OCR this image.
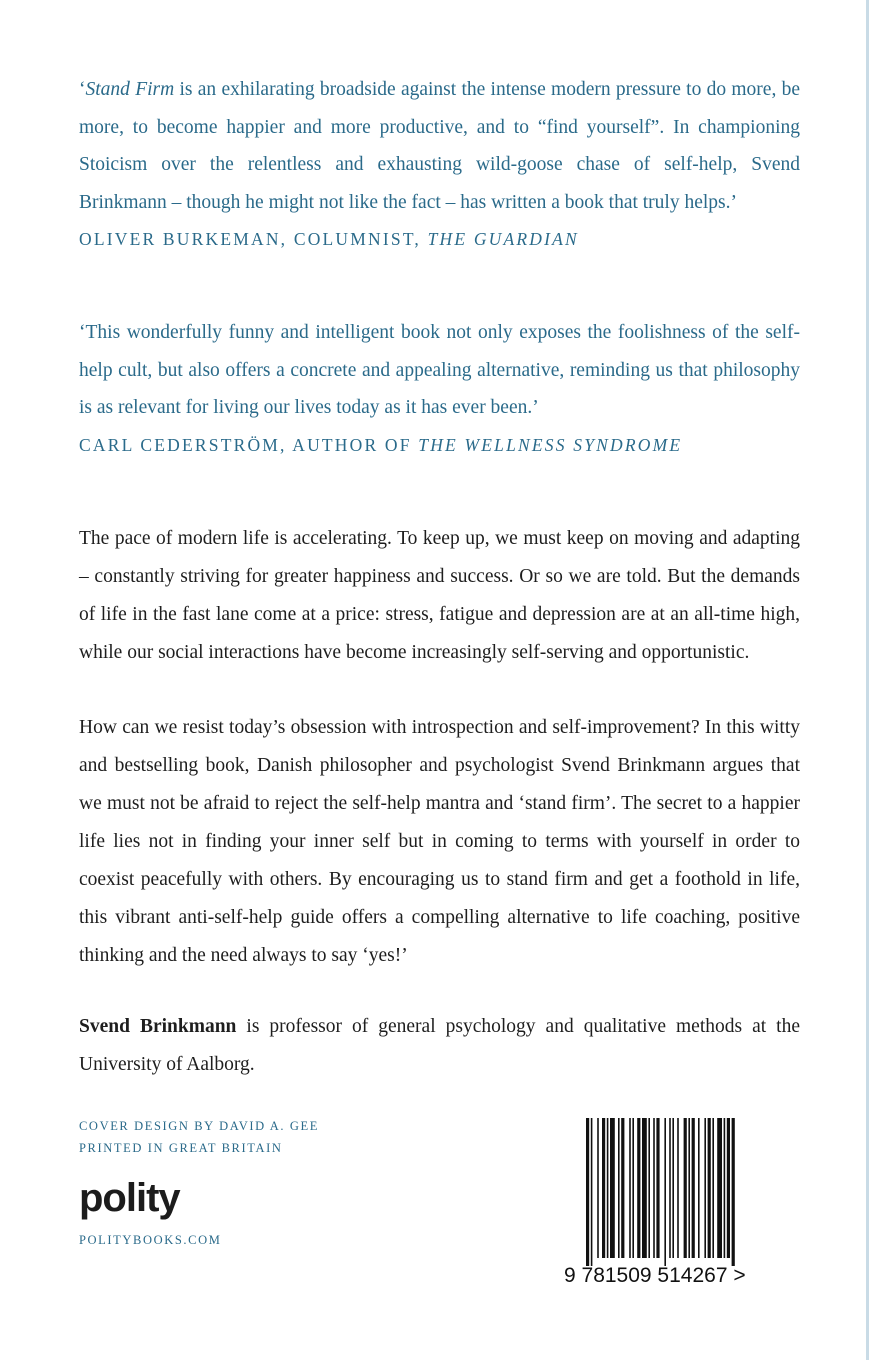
‘Stand Firm is an exhilarating broadside against the intense modern pressure to do more, be more, to become happier and more productive, and to “find yourself”. In championing Stoicism over the relentless and exhausting wild-goose chase of self-help, Svend Brinkmann – though he might not like the fact – has written a book that truly helps.’

OLIVER BURKEMAN, COLUMNIST, THE GUARDIAN

‘This wonderfully funny and intelligent book not only exposes the foolishness of the self-help cult, but also offers a concrete and appealing alternative, reminding us that philosophy is as relevant for living our lives today as it has ever been.’

CARL CEDERSTRÖM, AUTHOR OF THE WELLNESS SYNDROME

The pace of modern life is accelerating. To keep up, we must keep on moving and adapting – constantly striving for greater happiness and success. Or so we are told. But the demands of life in the fast lane come at a price: stress, fatigue and depression are at an all-time high, while our social interactions have become increasingly self-serving and opportunistic.

How can we resist today’s obsession with introspection and self-improvement? In this witty and bestselling book, Danish philosopher and psychologist Svend Brinkmann argues that we must not be afraid to reject the self-help mantra and ‘stand firm’. The secret to a happier life lies not in finding your inner self but in coming to terms with yourself in order to coexist peacefully with others. By encouraging us to stand firm and get a foothold in life, this vibrant anti-self-help guide offers a compelling alternative to life coaching, positive thinking and the need always to say ‘yes!’

Svend Brinkmann is professor of general psychology and qualitative methods at the University of Aalborg.

COVER DESIGN BY DAVID A. GEE

PRINTED IN GREAT BRITAIN

polity

POLITYBOOKS.COM

9 781509 514267 >
